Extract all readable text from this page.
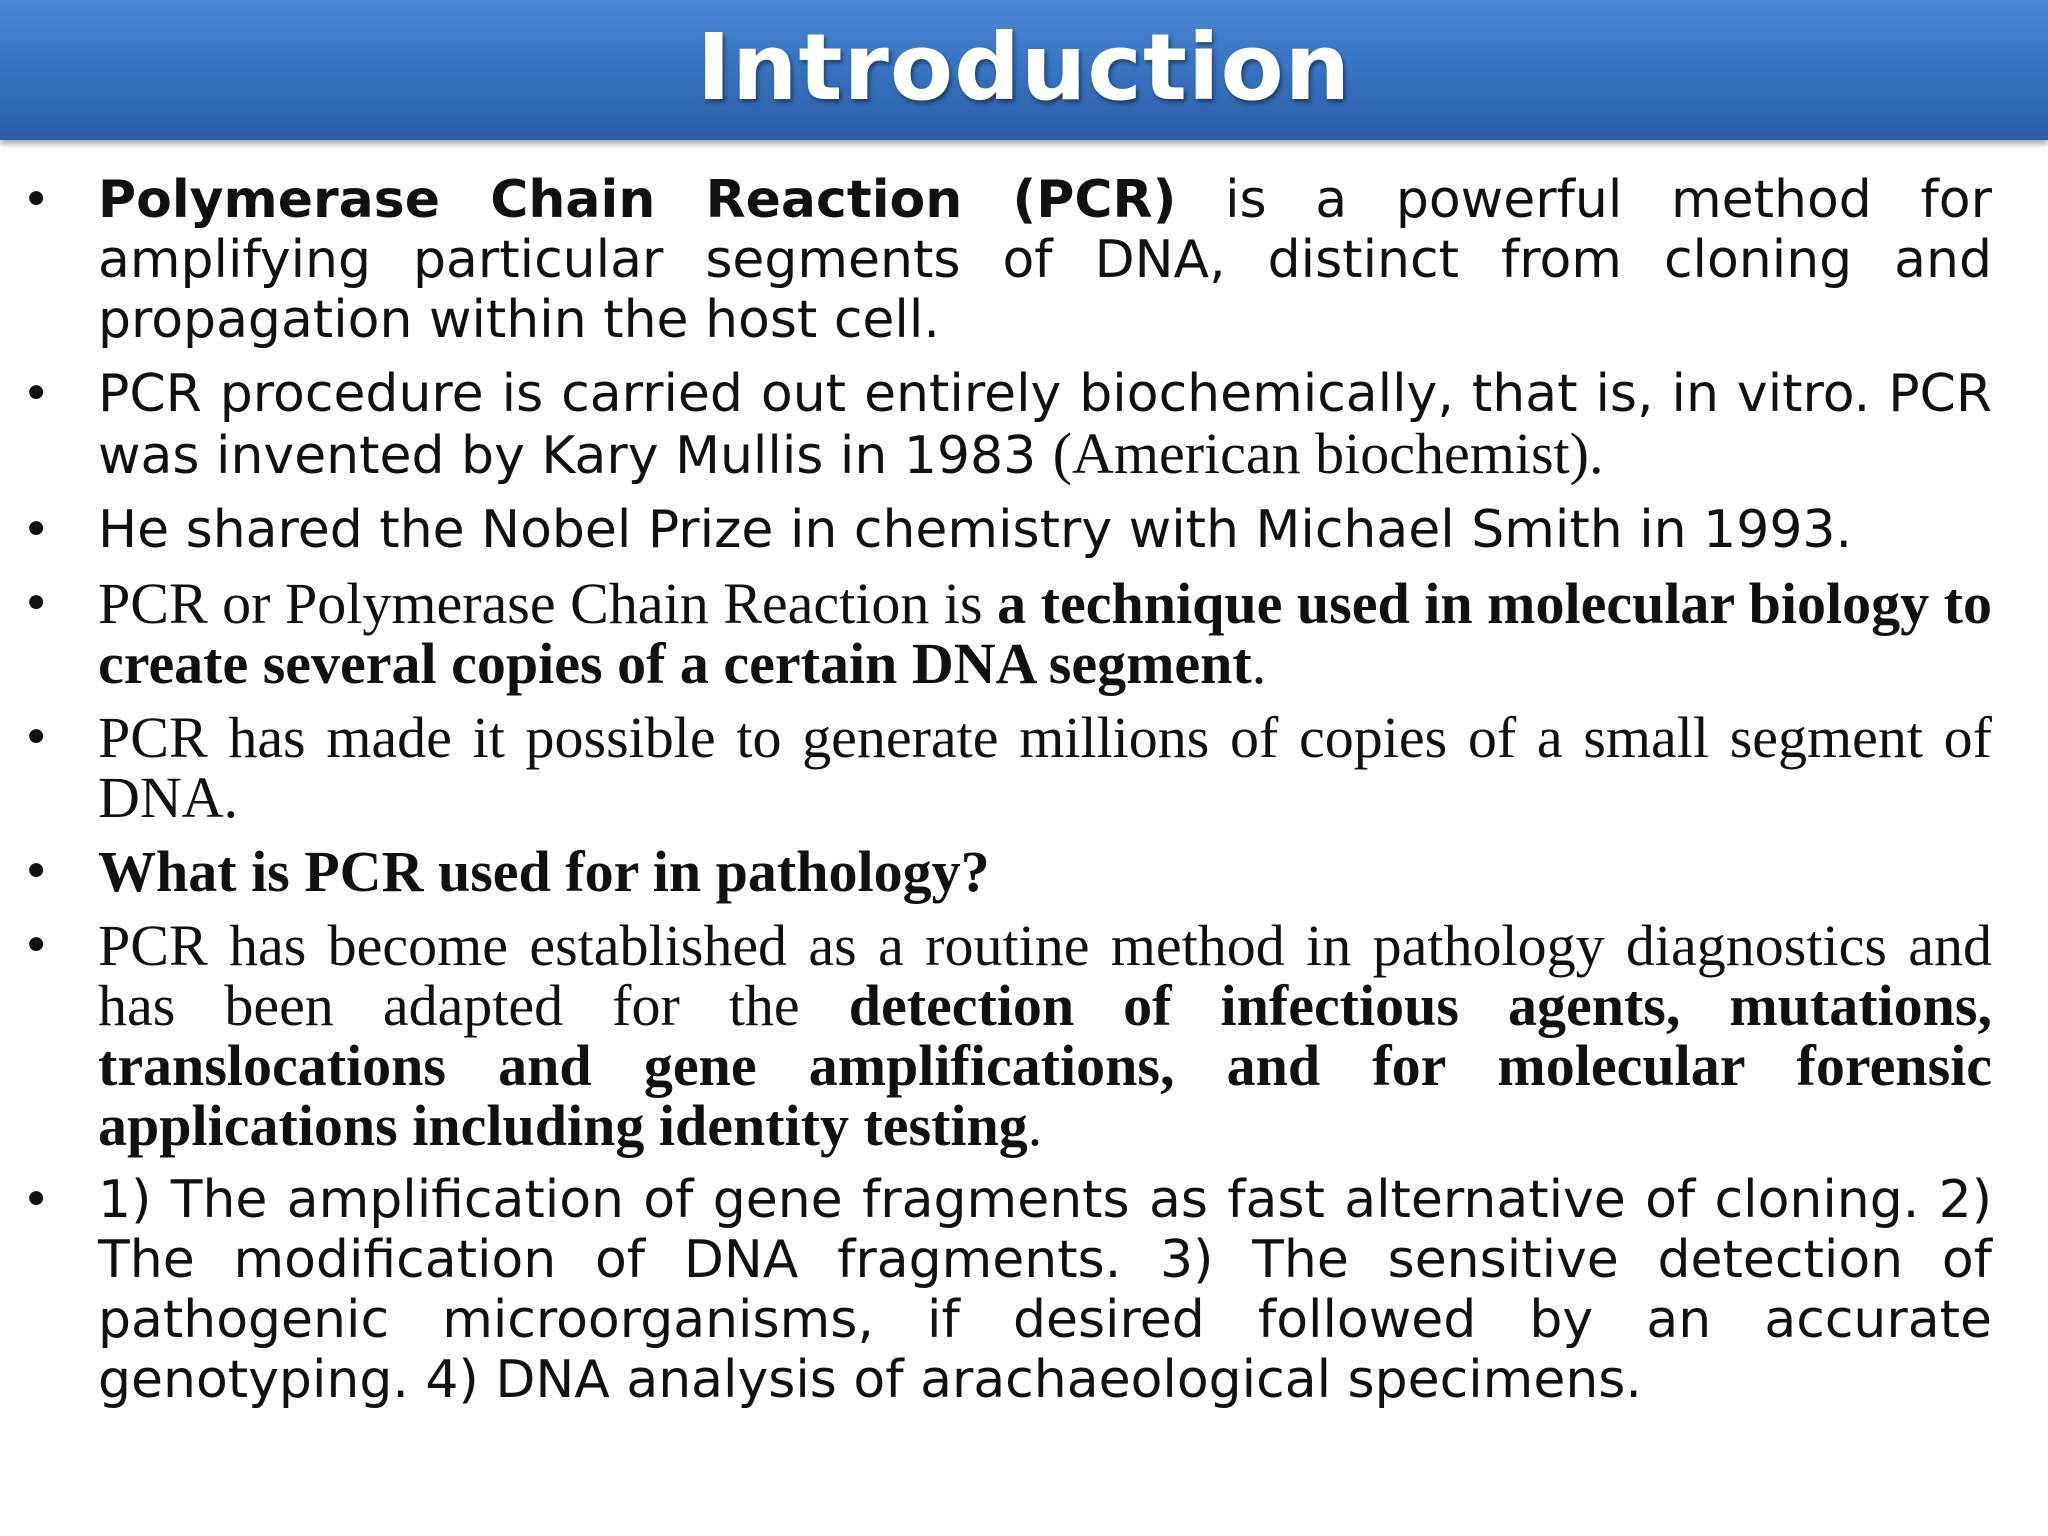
Introduction
• Polymerase Chain Reaction (PCR) is a powerful method for amplifying particular segments of DNA, distinct from cloning and propagation within the host cell.
• PCR procedure is carried out entirely biochemically, that is, in vitro. PCR was invented by Kary Mullis in 1983 (American biochemist).
• He shared the Nobel Prize in chemistry with Michael Smith in 1993.
• PCR or Polymerase Chain Reaction is a technique used in molecular biology to create several copies of a certain DNA segment.
• PCR has made it possible to generate millions of copies of a small segment of DNA.
• What is PCR used for in pathology?
• PCR has become established as a routine method in pathology diagnostics and has been adapted for the detection of infectious agents, mutations, translocations and gene amplifications, and for molecular forensic applications including identity testing.
• 1) The amplification of gene fragments as fast alternative of cloning. 2) The modification of DNA fragments. 3) The sensitive detection of pathogenic microorganisms, if desired followed by an accurate genotyping. 4) DNA analysis of arachaeological specimens.
